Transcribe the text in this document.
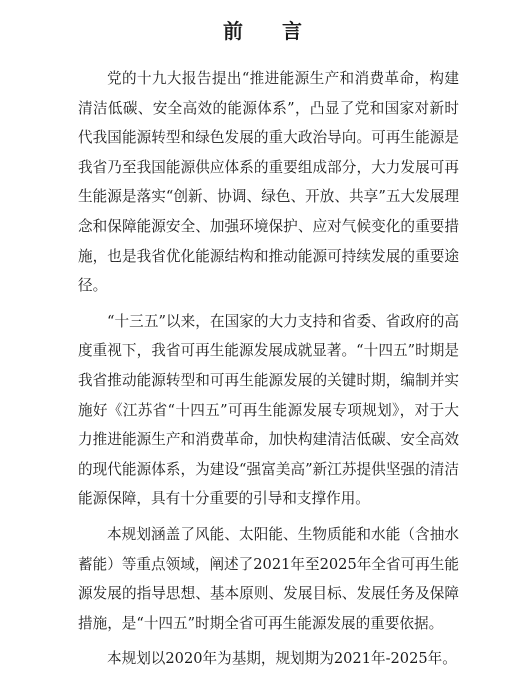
前 言

党的十九大报告提出“推进能源生产和消费革命，构建清洁低碳、安全高效的能源体系”，凸显了党和国家对新时代我国能源转型和绿色发展的重大政治导向。可再生能源是我省乃至我国能源供应体系的重要组成部分，大力发展可再生能源是落实“创新、协调、绿色、开放、共享”五大发展理念和保障能源安全、加强环境保护、应对气候变化的重要措施，也是我省优化能源结构和推动能源可持续发展的重要途径。

“十三五”以来，在国家的大力支持和省委、省政府的高度重视下，我省可再生能源发展成就显著。“十四五”时期是我省推动能源转型和可再生能源发展的关键时期，编制并实施好《江苏省“十四五”可再生能源发展专项规划》，对于大力推进能源生产和消费革命，加快构建清洁低碳、安全高效的现代能源体系，为建设“强富美高”新江苏提供坚强的清洁能源保障，具有十分重要的引导和支撑作用。

本规划涵盖了风能、太阳能、生物质能和水能（含抽水蓄能）等重点领域，阐述了2021年至2025年全省可再生能源发展的指导思想、基本原则、发展目标、发展任务及保障措施，是“十四五”时期全省可再生能源发展的重要依据。

本规划以2020年为基期，规划期为2021年-2025年。
